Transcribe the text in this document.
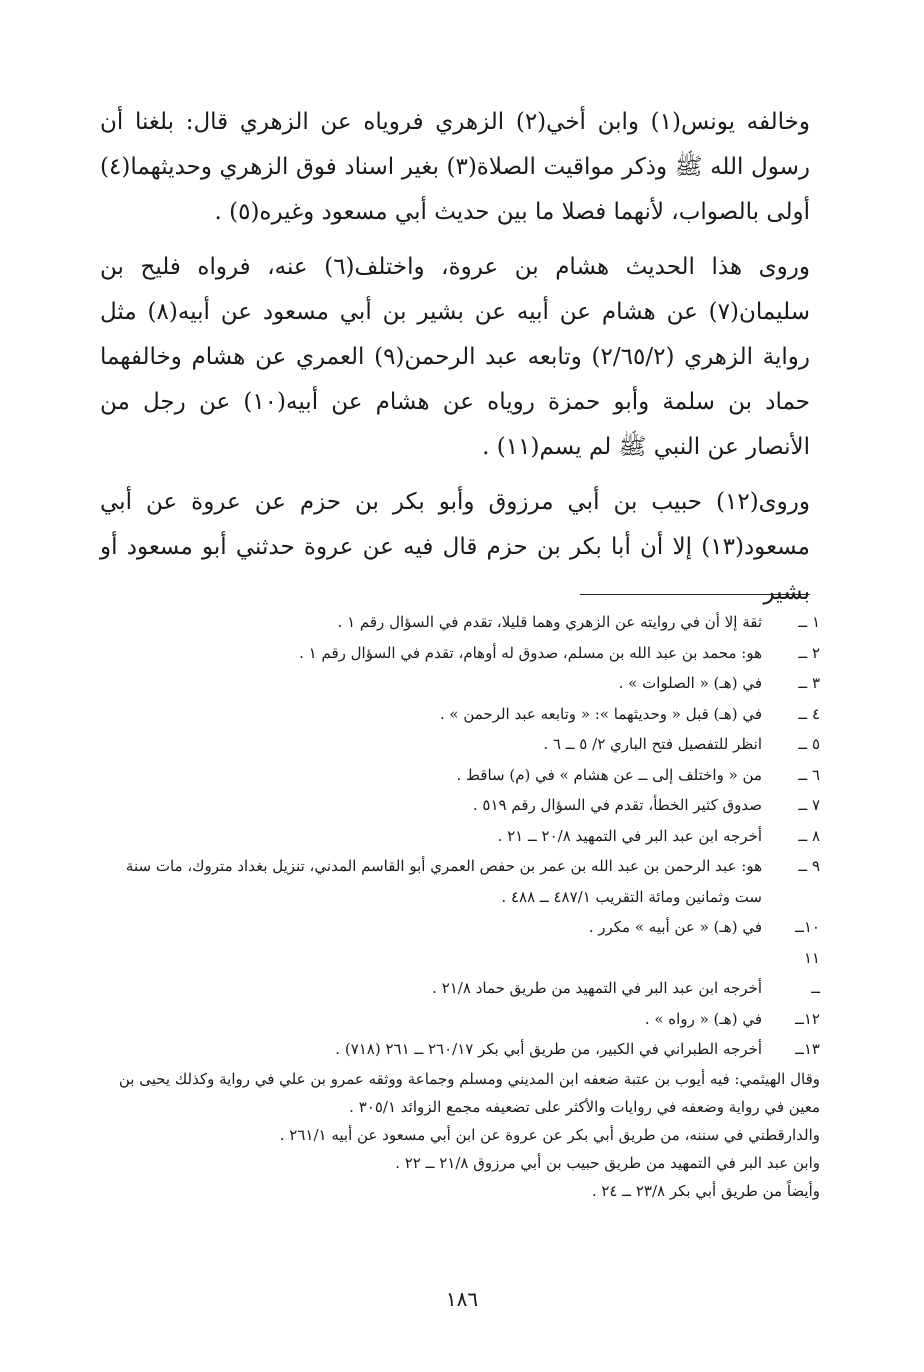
وخالفه يونس(١) وابن أخي(٢) الزهري فروياه عن الزهري قال: بلغنا أن رسول الله ﷺ وذكر مواقيت الصلاة(٣) بغير اسناد فوق الزهري وحديثهما(٤) أولى بالصواب، لأنهما فصلا ما بين حديث أبي مسعود وغيره(٥) .

وروى هذا الحديث هشام بن عروة، واختلف(٦) عنه، فرواه فليح بن سليمان(٧) عن هشام عن أبيه عن بشير بن أبي مسعود عن أبيه(٨) مثل رواية الزهري (٢/٦٥/٢) وتابعه عبد الرحمن(٩) العمري عن هشام وخالفهما حماد بن سلمة وأبو حمزة روياه عن هشام عن أبيه(١٠) عن رجل من الأنصار عن النبي ﷺ لم يسم(١١) .

وروى(١٢) حبيب بن أبي مرزوق وأبو بكر بن حزم عن عروة عن أبي مسعود(١٣) إلا أن أبا بكر بن حزم قال فيه عن عروة حدثني أبو مسعود أو بشير

١ ــ
ثقة إلا أن في روايته عن الزهري وهما قليلا، تقدم في السؤال رقم ١ .
٢ ــ
هو: محمد بن عبد الله بن مسلم، صدوق له أوهام، تقدم في السؤال رقم ١ .
٣ ــ
في (هـ) « الصلوات » .
٤ ــ
في (هـ) قبل « وحديثهما »: « وتابعه عبد الرحمن » .
٥ ــ
انظر للتفصيل فتح الباري ٢/ ٥ ــ ٦ .
٦ ــ
من « واختلف إلى ــ عن هشام » في (م) ساقط .
٧ ــ
صدوق كثير الخطأ، تقدم في السؤال رقم ٥١٩ .
٨ ــ
أخرجه ابن عبد البر في التمهيد ٢٠/٨ ــ ٢١ .
٩ ــ
هو: عبد الرحمن بن عبد الله بن عمر بن حفص العمري أبو القاسم المدني، تنزيل بغداد متروك، مات سنة ست وثمانين ومائة التقريب ٤٨٧/١ ــ ٤٨٨ .
١٠ــ
في (هـ) « عن أبيه » مكرر .
١١

ــ
أخرجه ابن عبد البر في التمهيد من طريق حماد ٢١/٨ .
١٢ــ
في (هـ) « رواه » .
١٣ــ
أخرجه الطبراني في الكبير، من طريق أبي بكر ٢٦٠/١٧ ــ ٢٦١ (٧١٨) .
وقال الهيثمي: فيه أيوب بن عتبة ضعفه ابن المديني ومسلم وجماعة ووثقه عمرو بن علي في رواية وكذلك يحيى بن معين في رواية وضعفه في روايات والأكثر على تضعيفه مجمع الزوائد ٣٠٥/١ .
والدارقطني في سننه، من طريق أبي بكر عن عروة عن ابن أبي مسعود عن أبيه ٢٦١/١ .
وابن عبد البر في التمهيد من طريق حبيب بن أبي مرزوق ٢١/٨ ــ ٢٢ .
وأيضاً من طريق أبي بكر ٢٣/٨ ــ ٢٤ .
١٨٦
